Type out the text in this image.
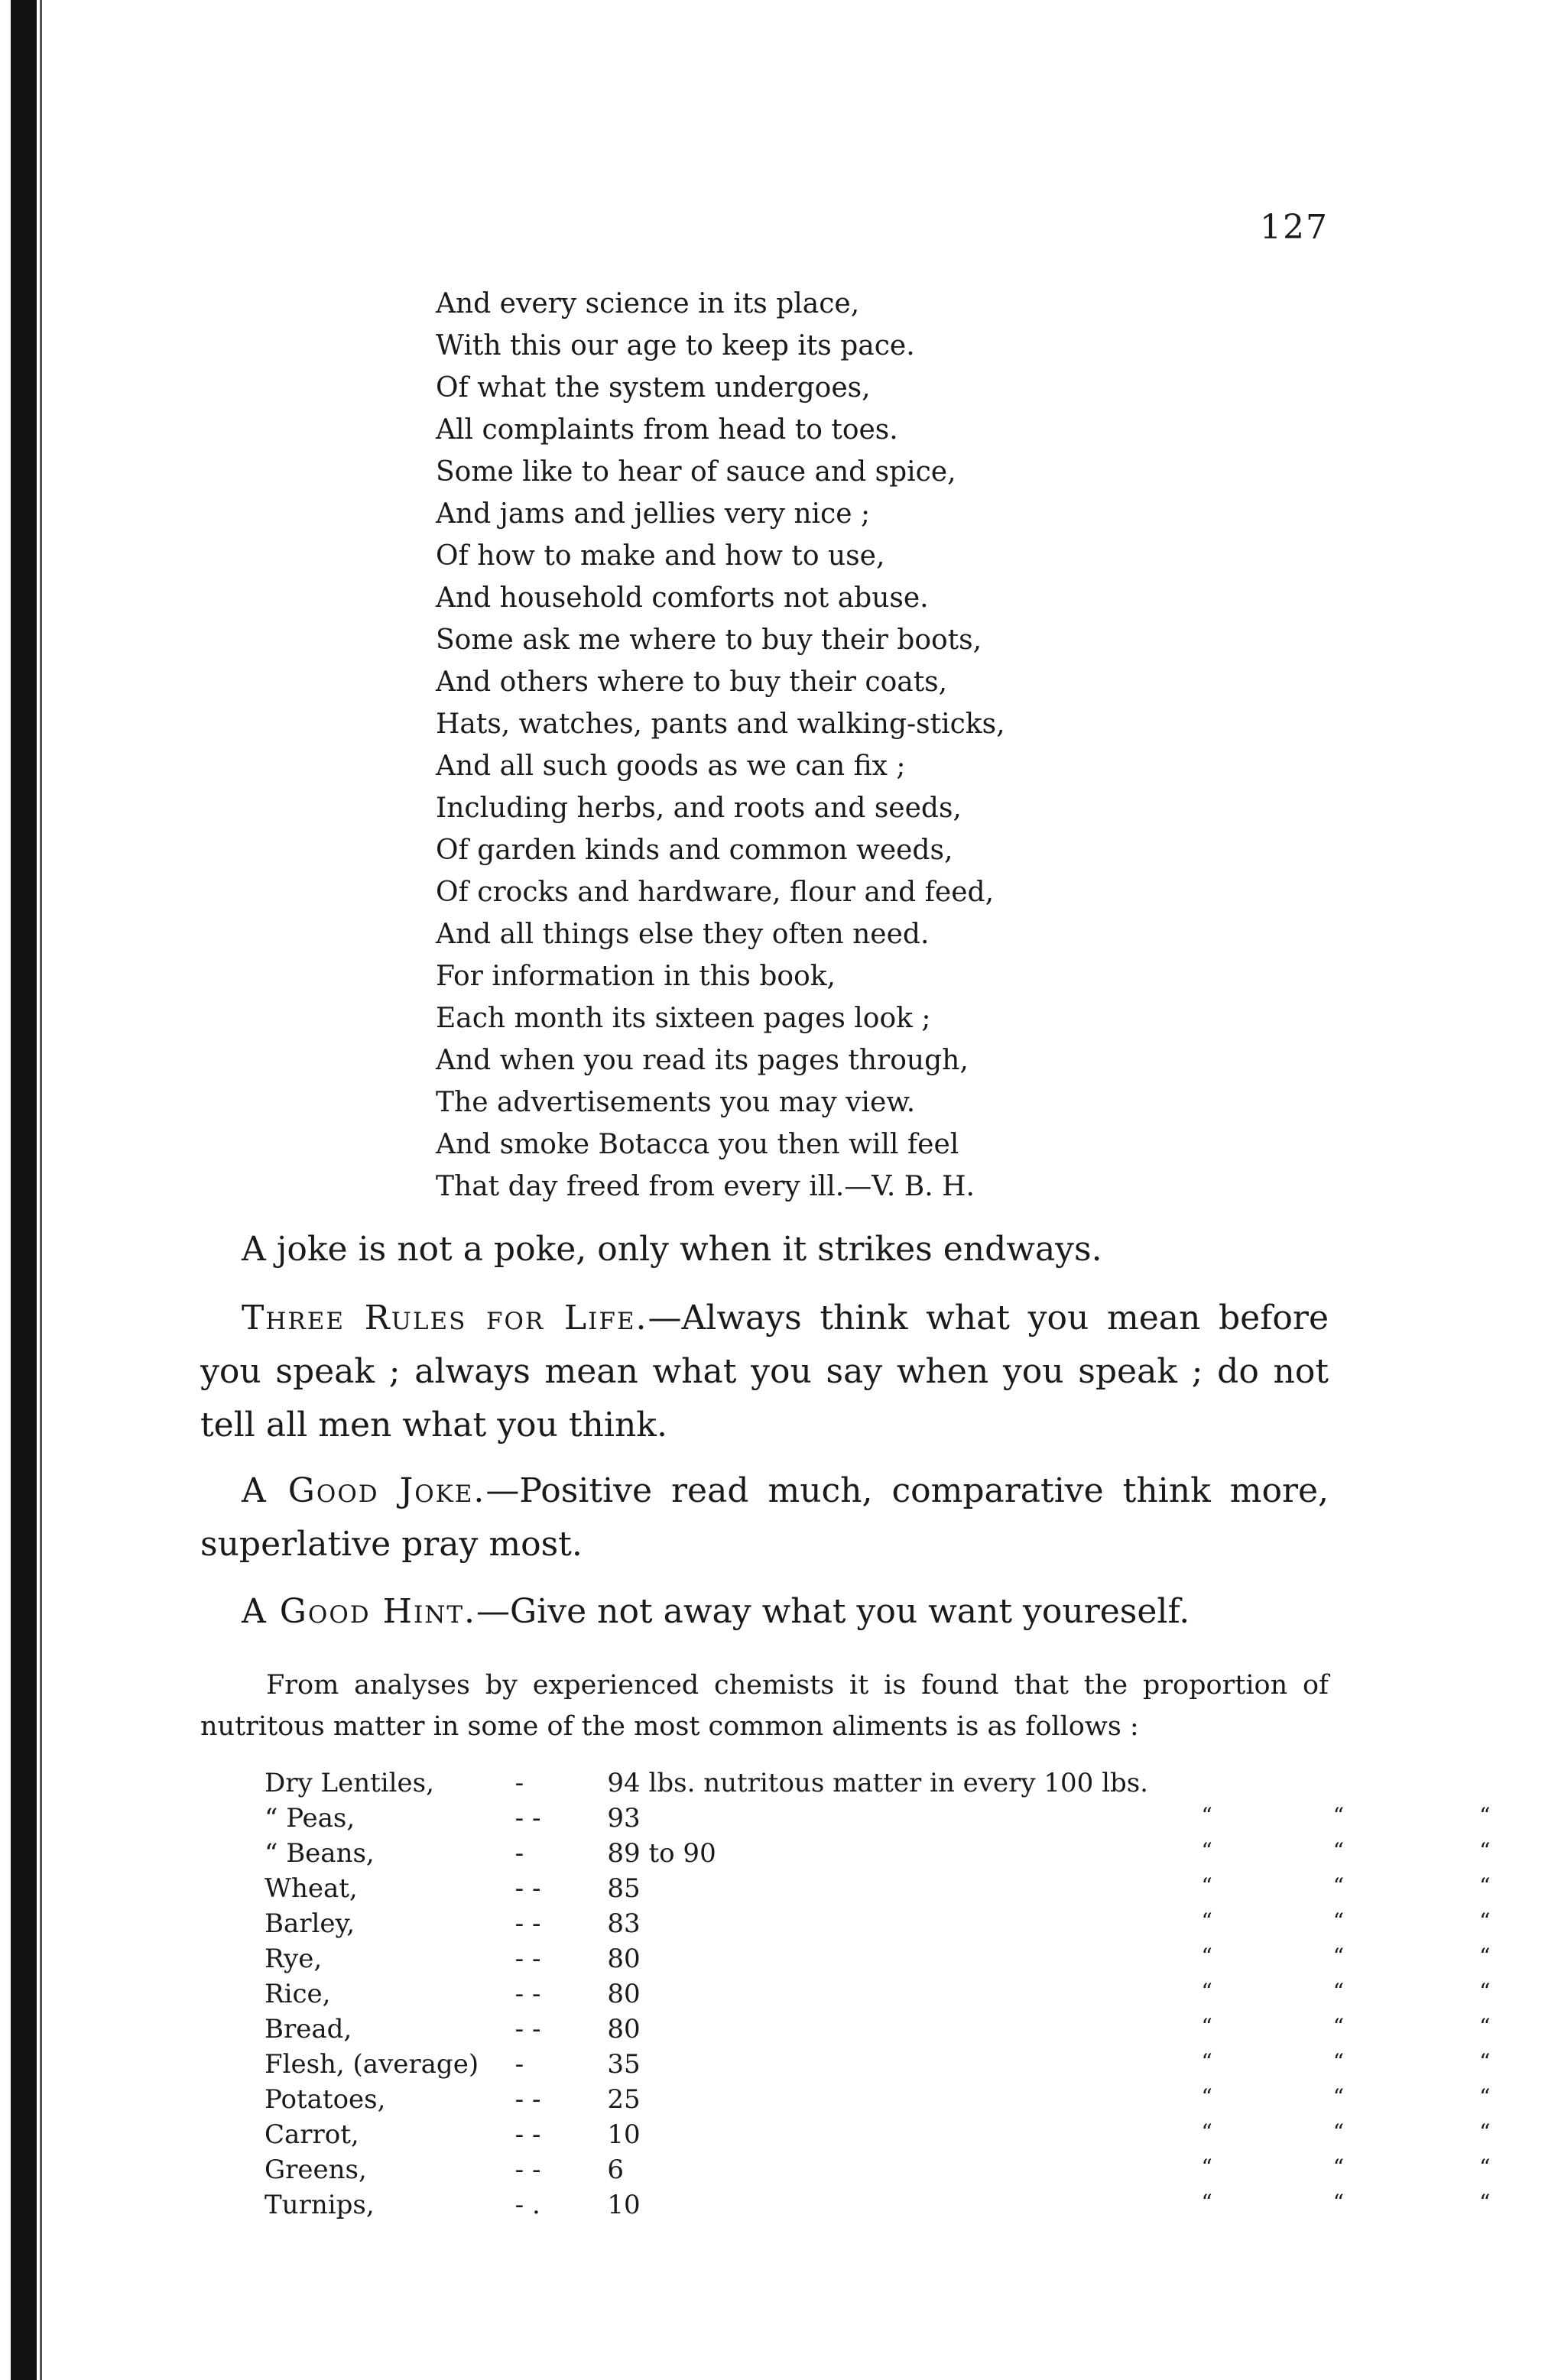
127
And every science in its place,
With this our age to keep its pace.
Of what the system undergoes,
All complaints from head to toes.
Some like to hear of sauce and spice,
And jams and jellies very nice ;
Of how to make and how to use,
And household comforts not abuse.
Some ask me where to buy their boots,
And others where to buy their coats,
Hats, watches, pants and walking-sticks,
And all such goods as we can fix ;
Including herbs, and roots and seeds,
Of garden kinds and common weeds,
Of crocks and hardware, flour and feed,
And all things else they often need.
For information in this book,
Each month its sixteen pages look ;
And when you read its pages through,
The advertisements you may view.
And smoke Botacca you then will feel
That day freed from every ill.—V. B. H.
A joke is not a poke, only when it strikes endways.
Three Rules for Life.—Always think what you mean before you speak ; always mean what you say when you speak ; do not tell all men what you think.
A Good Joke.—Positive read much, comparative think more, superlative pray most.
A Good Hint.—Give not away what you want youreself.
From analyses by experienced chemists it is found that the proportion of nutritous matter in some of the most common aliments is as follows :
Dry Lentiles,	-	94 lbs. nutritous matter in every 100 lbs.			
“ Peas,	- -	93	“	“	“
“ Beans,	-	89 to 90	“	“	“
Wheat,	- -	85	“	“	“
Barley,	- -	83	“	“	“
Rye,	- -	80	“	“	“
Rice,	- -	80	“	“	“
Bread,	- -	80	“	“	“
Flesh, (average)	-	35	“	“	“
Potatoes,	- -	25	“	“	“
Carrot,	- -	10	“	“	“
Greens,	- -	6	“	“	“
Turnips,	- .	10	“	“	“
